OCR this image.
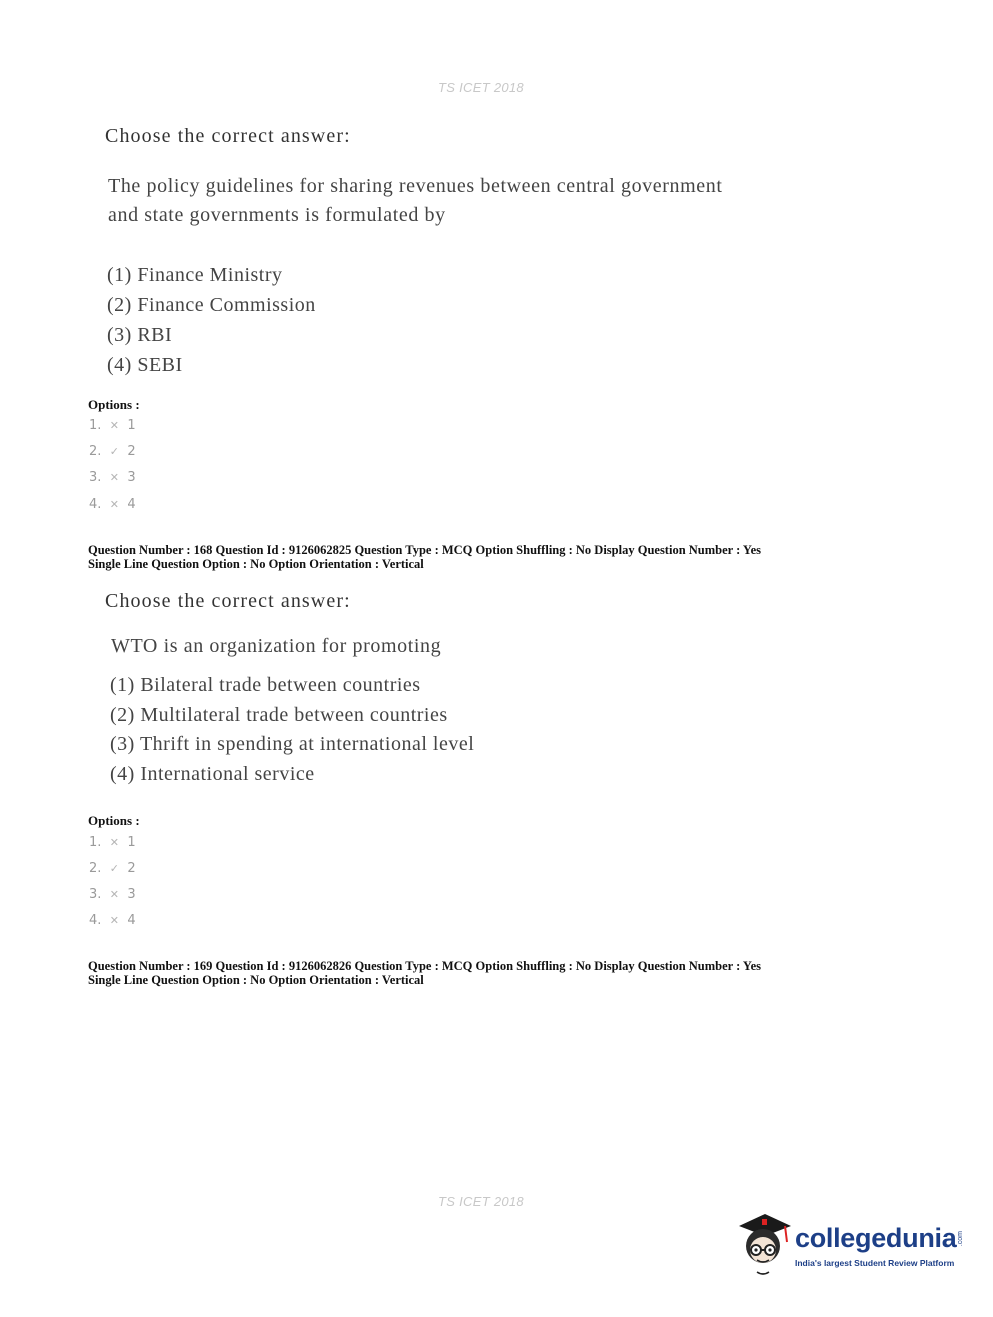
TS ICET 2018
Choose the correct answer:
The policy guidelines for sharing revenues between central government
and state governments is formulated by
(1) Finance Ministry
(2) Finance Commission
(3) RBI
(4) SEBI
Options :
1. ✕ 1
2. ✓ 2
3. ✕ 3
4. ✕ 4
Question Number : 168 Question Id : 9126062825 Question Type : MCQ Option Shuffling : No Display Question Number : Yes
Single Line Question Option : No Option Orientation : Vertical
Choose the correct answer:
WTO is an organization for promoting
(1) Bilateral trade between countries
(2) Multilateral trade between countries
(3) Thrift in spending at international level
(4) International service
Options :
1. ✕ 1
2. ✓ 2
3. ✕ 3
4. ✕ 4
Question Number : 169 Question Id : 9126062826 Question Type : MCQ Option Shuffling : No Display Question Number : Yes
Single Line Question Option : No Option Orientation : Vertical
TS ICET 2018
collegedunia .com
India's largest Student Review Platform
